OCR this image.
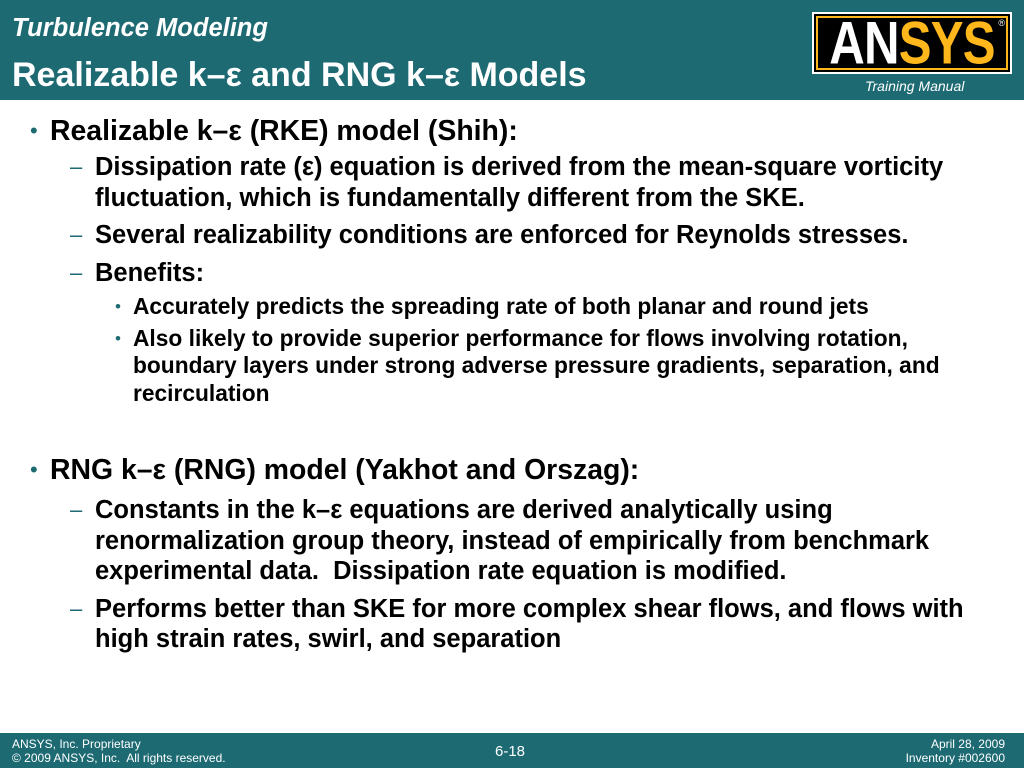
Turbulence Modeling
Realizable k–ε and RNG k–ε Models	ANSYS ®
Training Manual
• Realizable k–ε (RKE) model (Shih):
– Dissipation rate (ε) equation is derived from the mean-square vorticity
fluctuation, which is fundamentally different from the SKE.
– Several realizability conditions are enforced for Reynolds stresses.
– Benefits:
• Accurately predicts the spreading rate of both planar and round jets
• Also likely to provide superior performance for flows involving rotation,
boundary layers under strong adverse pressure gradients, separation, and
recirculation
• RNG k–ε (RNG) model (Yakhot and Orszag):
– Constants in the k–ε equations are derived analytically using
renormalization group theory, instead of empirically from benchmark
experimental data.  Dissipation rate equation is modified.
– Performs better than SKE for more complex shear flows, and flows with
high strain rates, swirl, and separation
ANSYS, Inc. Proprietary
© 2009 ANSYS, Inc.  All rights reserved.	6-18	April 28, 2009
Inventory #002600
